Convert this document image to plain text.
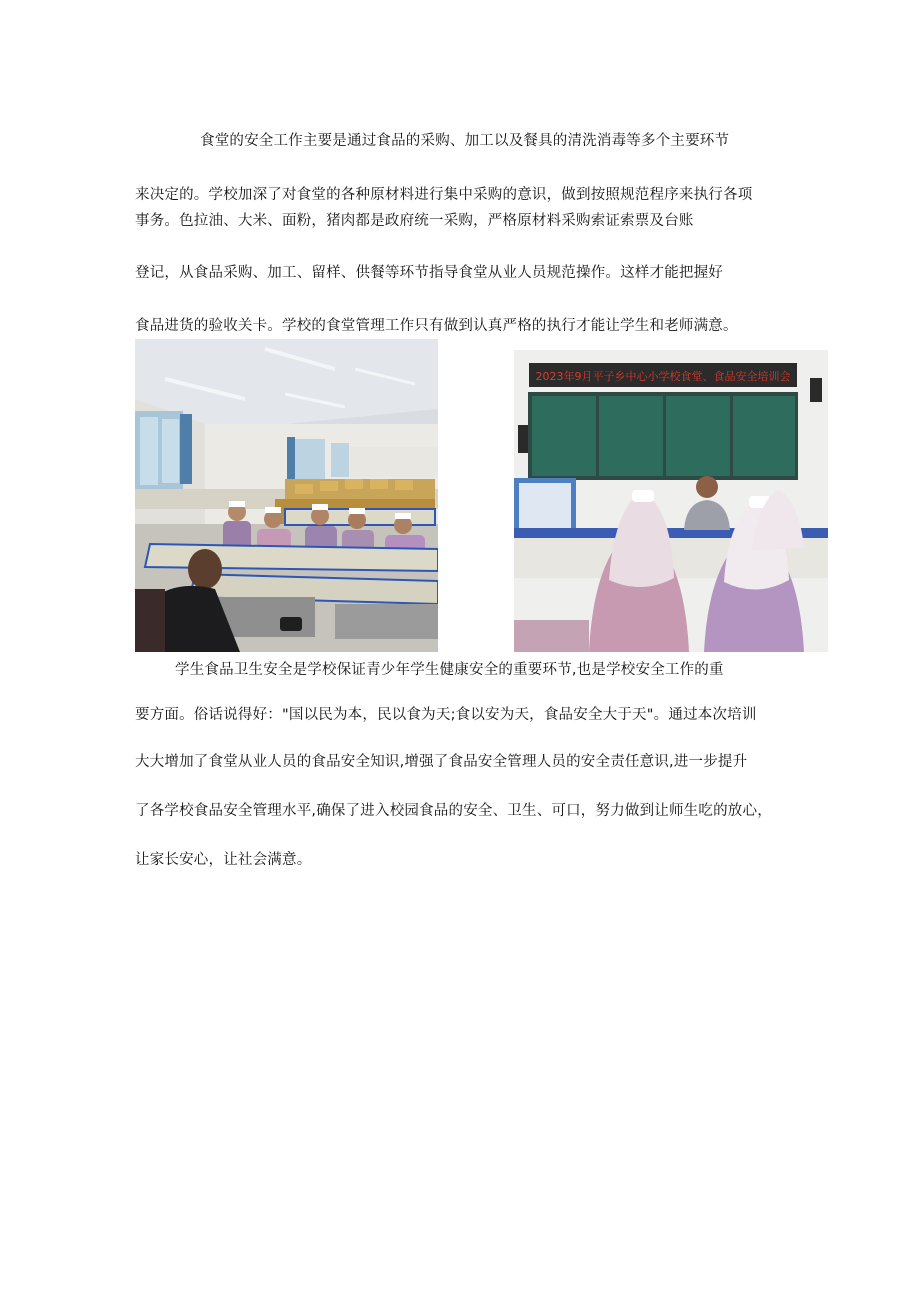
食堂的安全工作主要是通过食品的采购、加工以及餐具的清洗消毒等多个主要环节
来决定的。学校加深了对食堂的各种原材料进行集中采购的意识，做到按照规范程序来执行各项
事务。色拉油、大米、面粉，猪肉都是政府统一采购，严格原材料采购索证索票及台账
登记，从食品采购、加工、留样、供餐等环节指导食堂从业人员规范操作。这样才能把握好
食品进货的验收关卡。学校的食堂管理工作只有做到认真严格的执行才能让学生和老师满意。
2023年9月平子乡中心小学校食堂、食品安全培训会
学生食品卫生安全是学校保证青少年学生健康安全的重要环节,也是学校安全工作的重
要方面。俗话说得好："国以民为本，民以食为天;食以安为天，食品安全大于天"。通过本次培训
大大增加了食堂从业人员的食品安全知识,增强了食品安全管理人员的安全责任意识,进一步提升
了各学校食品安全管理水平,确保了进入校园食品的安全、卫生、可口，努力做到让师生吃的放心，
让家长安心，让社会满意。
